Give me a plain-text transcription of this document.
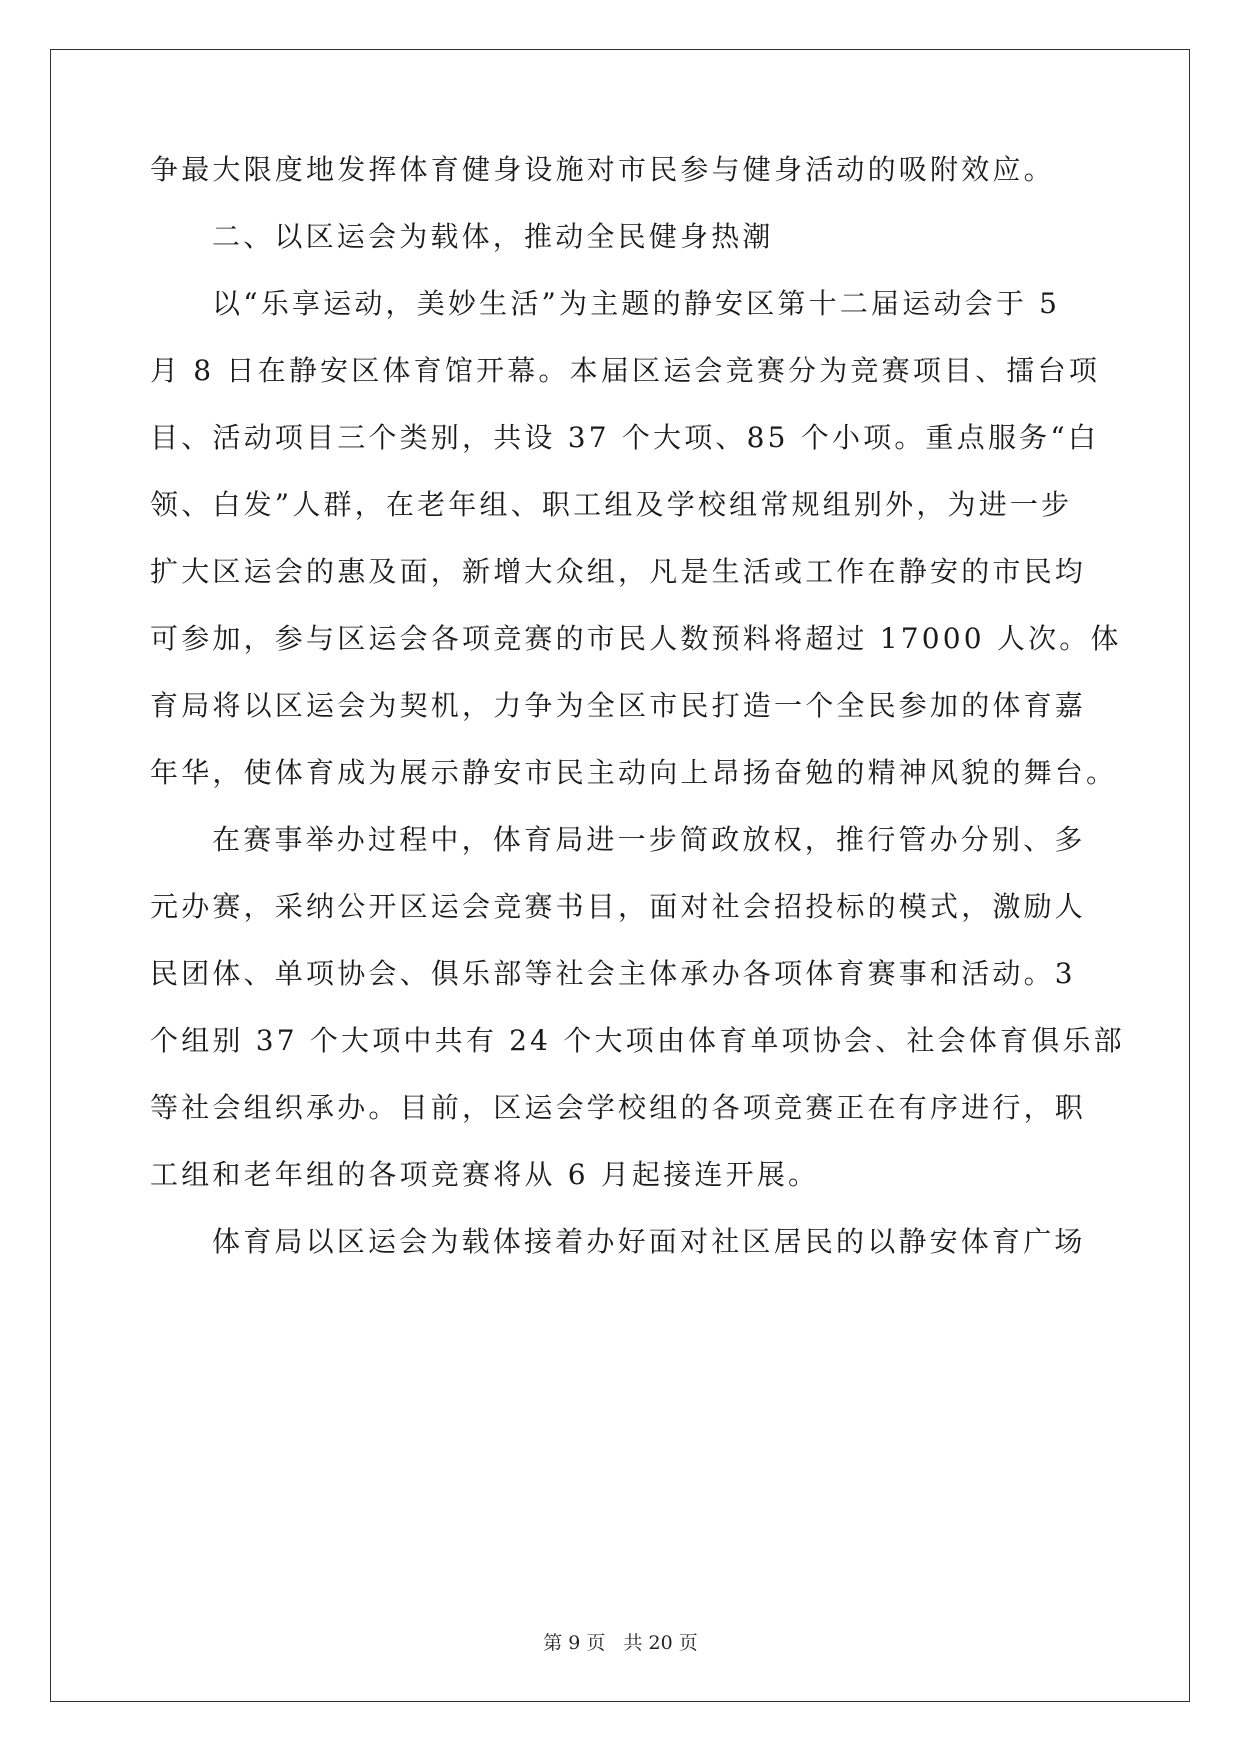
争最大限度地发挥体育健身设施对市民参与健身活动的吸附效应。
二、以区运会为载体，推动全民健身热潮
以“乐享运动，美妙生活”为主题的静安区第十二届运动会于 5
月 8 日在静安区体育馆开幕。本届区运会竞赛分为竞赛项目、擂台项
目、活动项目三个类别，共设 37 个大项、85 个小项。重点服务“白
领、白发”人群，在老年组、职工组及学校组常规组别外，为进一步
扩大区运会的惠及面，新增大众组，凡是生活或工作在静安的市民均
可参加，参与区运会各项竞赛的市民人数预料将超过 17000 人次。体
育局将以区运会为契机，力争为全区市民打造一个全民参加的体育嘉
年华，使体育成为展示静安市民主动向上昂扬奋勉的精神风貌的舞台。
在赛事举办过程中，体育局进一步简政放权，推行管办分别、多
元办赛，采纳公开区运会竞赛书目，面对社会招投标的模式，激励人
民团体、单项协会、俱乐部等社会主体承办各项体育赛事和活动。3
个组别 37 个大项中共有 24 个大项由体育单项协会、社会体育俱乐部
等社会组织承办。目前，区运会学校组的各项竞赛正在有序进行，职
工组和老年组的各项竞赛将从 6 月起接连开展。
体育局以区运会为载体接着办好面对社区居民的以静安体育广场
第 9 页 共 20 页
